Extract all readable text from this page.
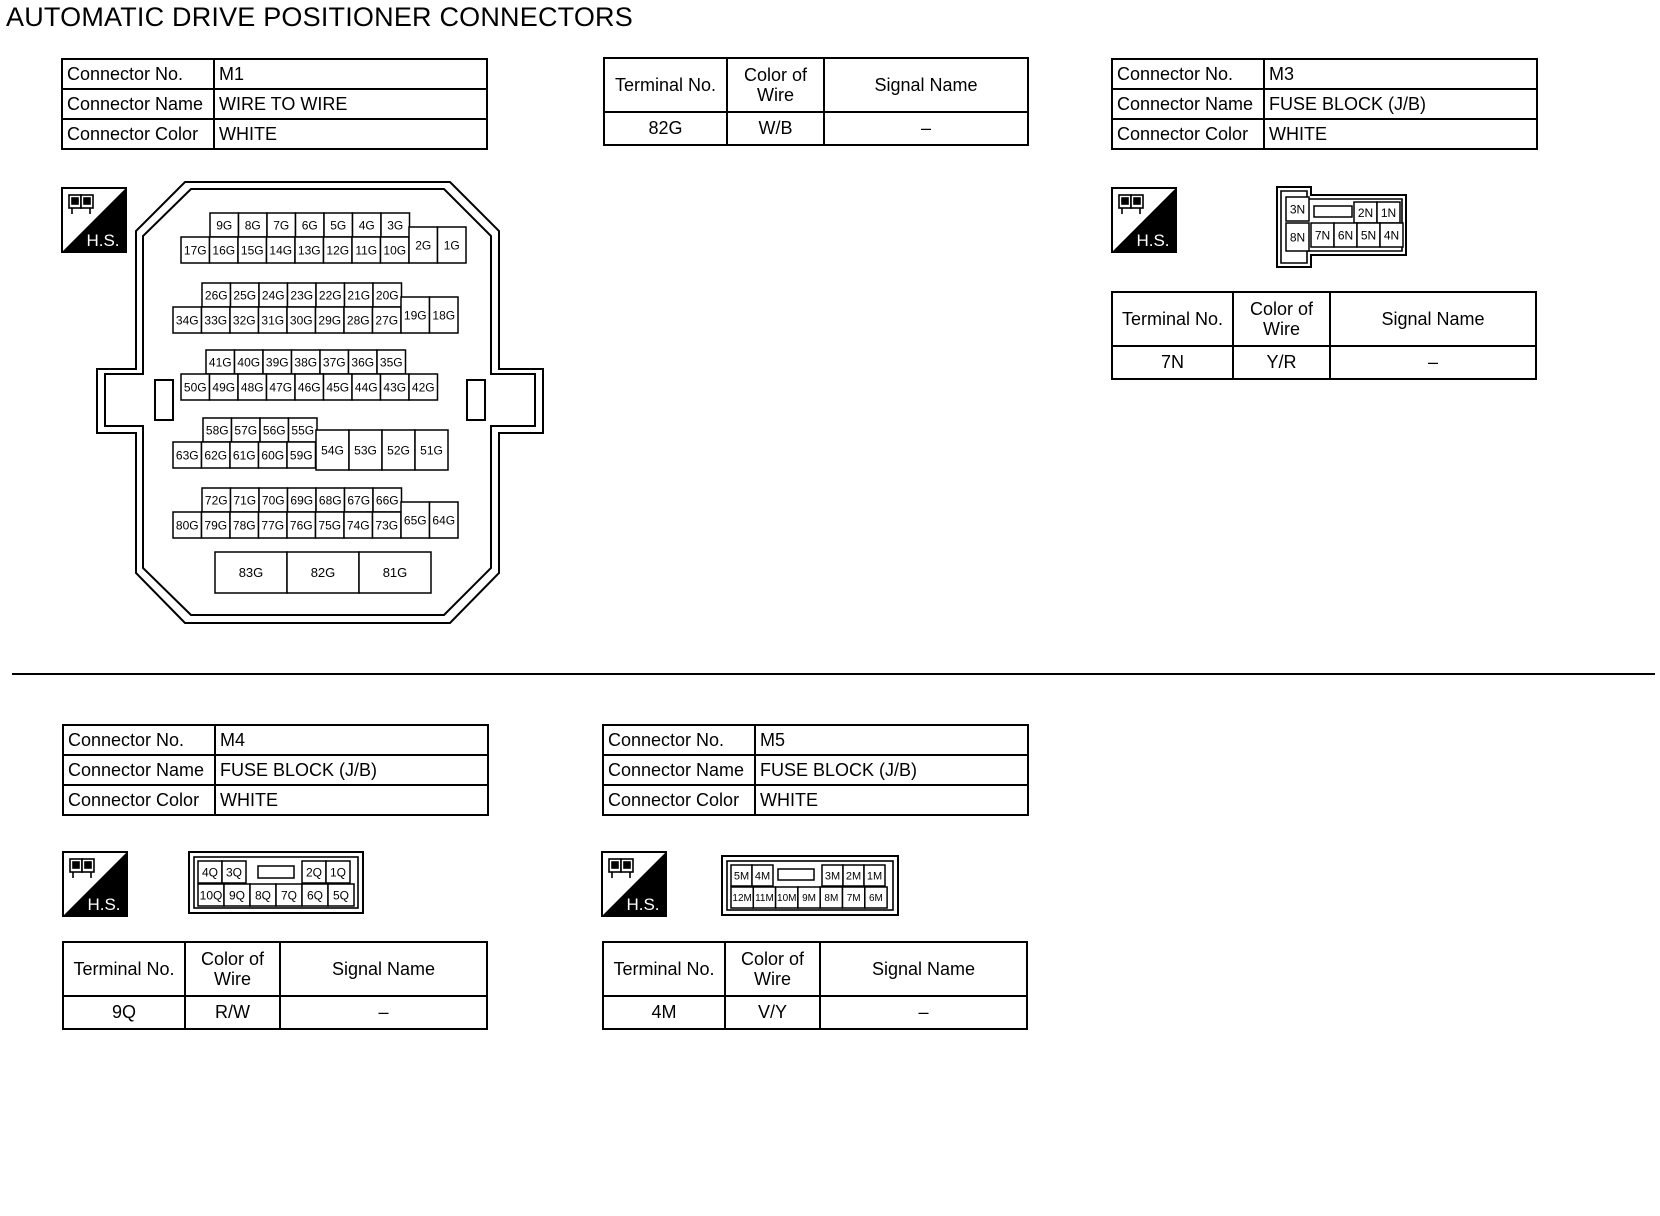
AUTOMATIC DRIVE POSITIONER CONNECTORS
Connector No.	M1
Connector Name	WIRE TO WIRE
Connector Color	WHITE
Terminal No.	Color of Wire	Signal Name
82G	W/B	–
H.S.
9G 8G 7G 6G 5G 4G 3G
17G 16G 15G 14G 13G 12G 11G 10G 2G 1G
26G 25G 24G 23G 22G 21G 20G
34G 33G 32G 31G 30G 29G 28G 27G 19G 18G
41G 40G 39G 38G 37G 36G 35G
50G 49G 48G 47G 46G 45G 44G 43G 42G
58G 57G 56G 55G
63G 62G 61G 60G 59G 54G 53G 52G 51G
72G 71G 70G 69G 68G 67G 66G
80G 79G 78G 77G 76G 75G 74G 73G 65G 64G
83G	82G	81G
Connector No.	M3
Connector Name	FUSE BLOCK (J/B)
Connector Color	WHITE
H.S.
3N	2N 1N
8N 7N 6N 5N 4N
Terminal No.	Color of Wire	Signal Name
7N	Y/R	–
Connector No.	M4
Connector Name	FUSE BLOCK (J/B)
Connector Color	WHITE
H.S.
4Q 3Q	2Q 1Q
10Q 9Q 8Q 7Q 6Q 5Q
Terminal No.	Color of Wire	Signal Name
9Q	R/W	–
Connector No.	M5
Connector Name	FUSE BLOCK (J/B)
Connector Color	WHITE
H.S.
5M 4M	3M 2M 1M
12M 11M 10M 9M 8M 7M 6M
Terminal No.	Color of Wire	Signal Name
4M	V/Y	–
